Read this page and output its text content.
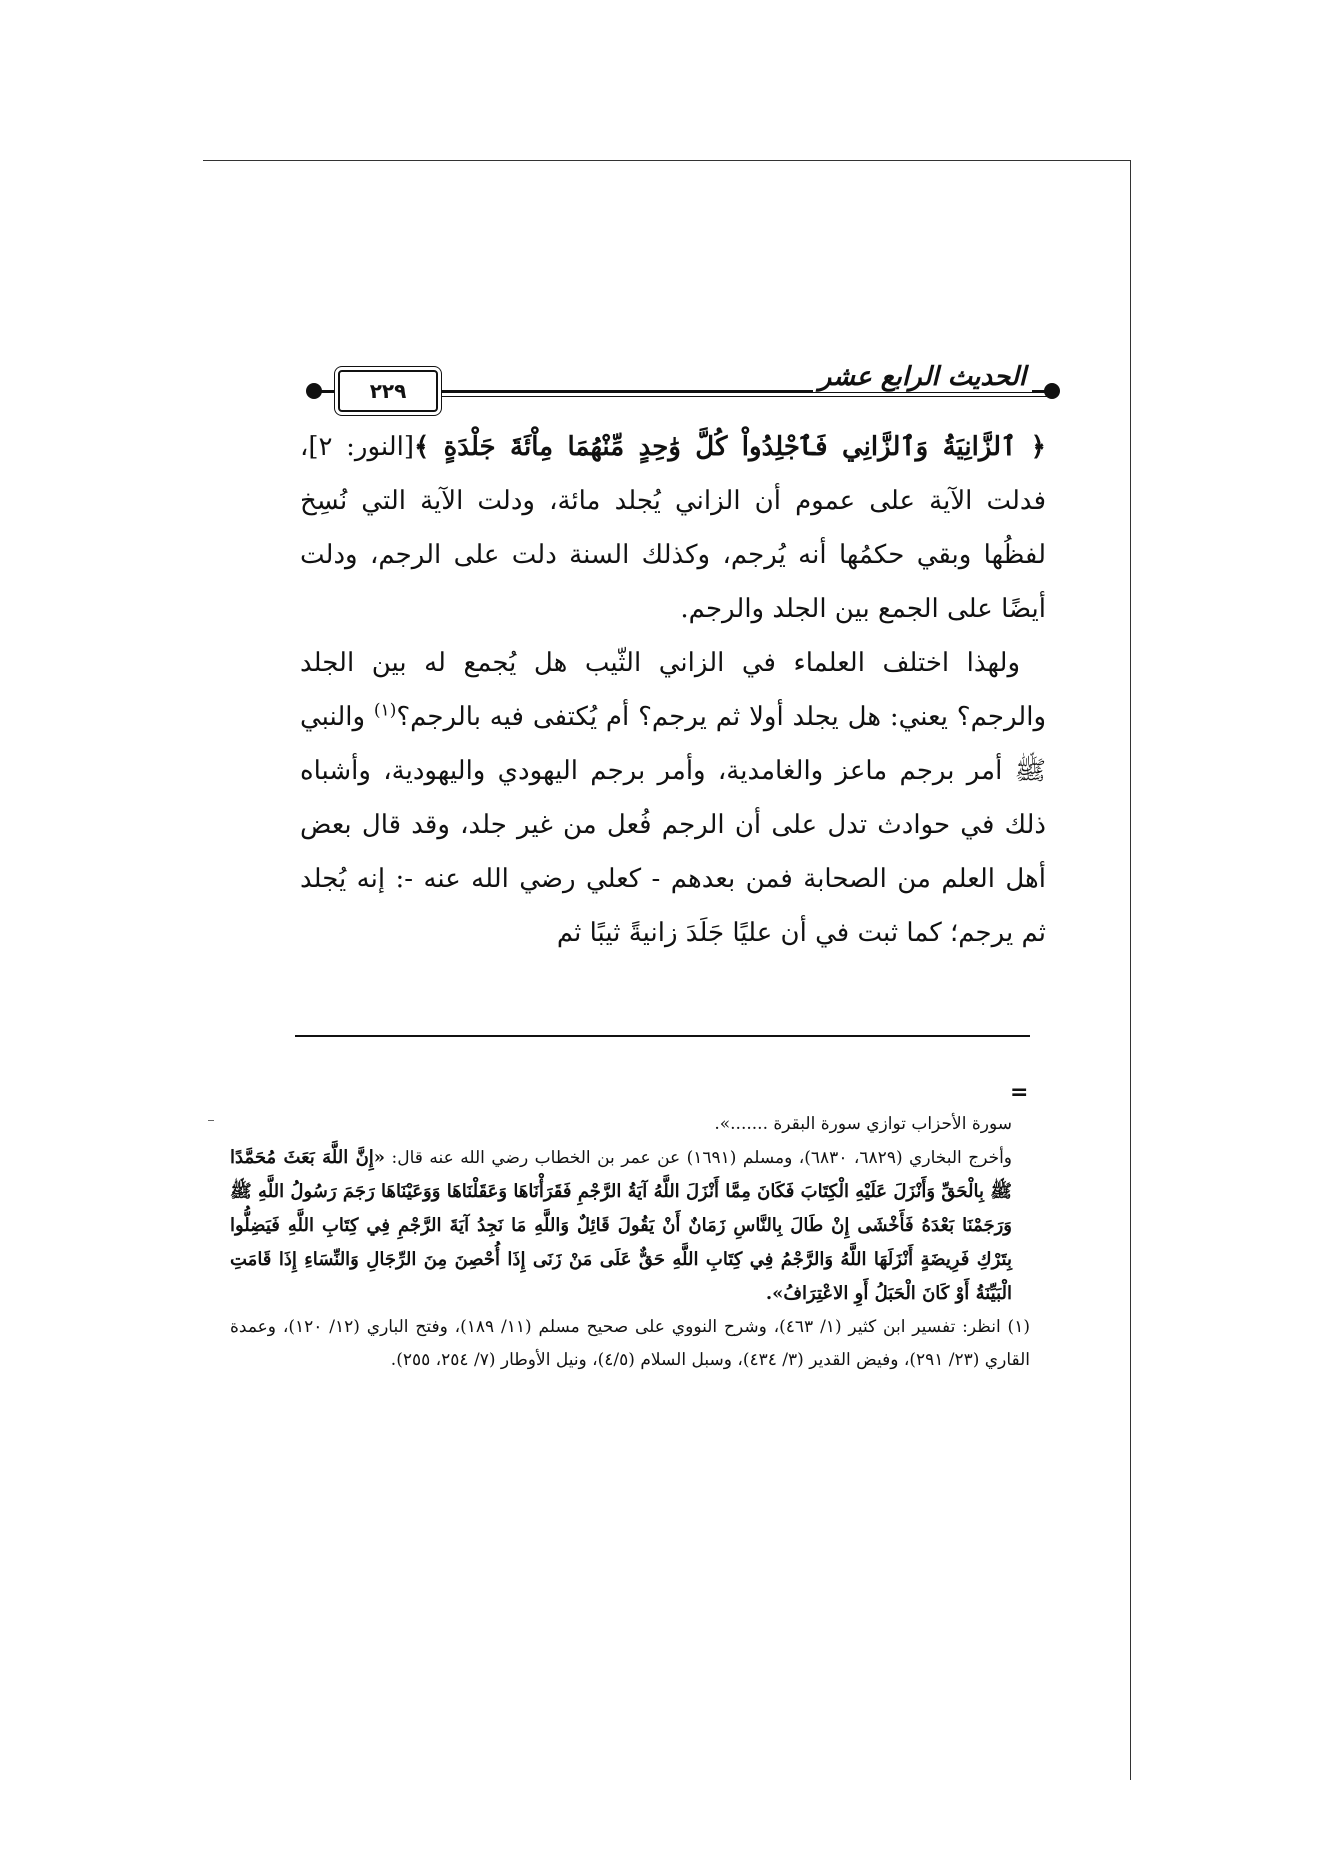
٢٢٩	الحديث الرابع عشر

﴿ ٱلزَّانِيَةُ وَٱلزَّانِي فَٱجْلِدُواْ كُلَّ وَٰحِدٍ مِّنْهُمَا مِاْئَةَ جَلْدَةٍ ﴾[النور: ٢]، فدلت الآية على عموم أن الزاني يُجلد مائة، ودلت الآية التي نُسِخ لفظُها وبقي حكمُها أنه يُرجم، وكذلك السنة دلت على الرجم، ودلت أيضًا على الجمع بين الجلد والرجم.

ولهذا اختلف العلماء في الزاني الثّيب هل يُجمع له بين الجلد والرجم؟ يعني: هل يجلد أولا ثم يرجم؟ أم يُكتفى فيه بالرجم؟$^{(١)}$ والنبي ﷺ أمر برجم ماعز والغامدية، وأمر برجم اليهودي واليهودية، وأشباه ذلك في حوادث تدل على أن الرجم فُعل من غير جلد، وقد قال بعض أهل العلم من الصحابة فمن بعدهم - كعلي رضي الله عنه -: إنه يُجلد ثم يرجم؛ كما ثبت في أن عليًا جَلَدَ زانيةً ثيبًا ثم

=

سورة الأحزاب توازي سورة البقرة .......».

وأخرج البخاري (٦٨٢٩، ٦٨٣٠)، ومسلم (١٦٩١) عن عمر بن الخطاب رضي الله عنه قال: «إِنَّ اللَّهَ بَعَثَ مُحَمَّدًا ﷺ بِالْحَقِّ وَأَنْزَلَ عَلَيْهِ الْكِتَابَ فَكَانَ مِمَّا أَنْزَلَ اللَّهُ آيَةُ الرَّجْمِ فَقَرَأْنَاهَا وَعَقَلْنَاهَا وَوَعَيْنَاهَا رَجَمَ رَسُولُ اللَّهِ ﷺ وَرَجَمْنَا بَعْدَهُ فَأَخْشَى إِنْ طَالَ بِالنَّاسِ زَمَانٌ أَنْ يَقُولَ قَائِلٌ وَاللَّهِ مَا نَجِدُ آيَةَ الرَّجْمِ فِي كِتَابِ اللَّهِ فَيَضِلُّوا بِتَرْكِ فَرِيضَةٍ أَنْزَلَهَا اللَّهُ وَالرَّجْمُ فِي كِتَابِ اللَّهِ حَقٌّ عَلَى مَنْ زَنَى إِذَا أُحْصِنَ مِنَ الرِّجَالِ وَالنِّسَاءِ إِذَا قَامَتِ الْبَيِّنَةُ أَوْ كَانَ الْحَبَلُ أَوِ الاعْتِرَافُ».

(١) انظر: تفسير ابن كثير (١/ ٤٦٣)، وشرح النووي على صحيح مسلم (١١/ ١٨٩)، وفتح الباري (١٢/ ١٢٠)، وعمدة القاري (٢٣/ ٢٩١)، وفيض القدير (٣/ ٤٣٤)، وسبل السلام (٤/٥)، ونيل الأوطار (٧/ ٢٥٤، ٢٥٥).
